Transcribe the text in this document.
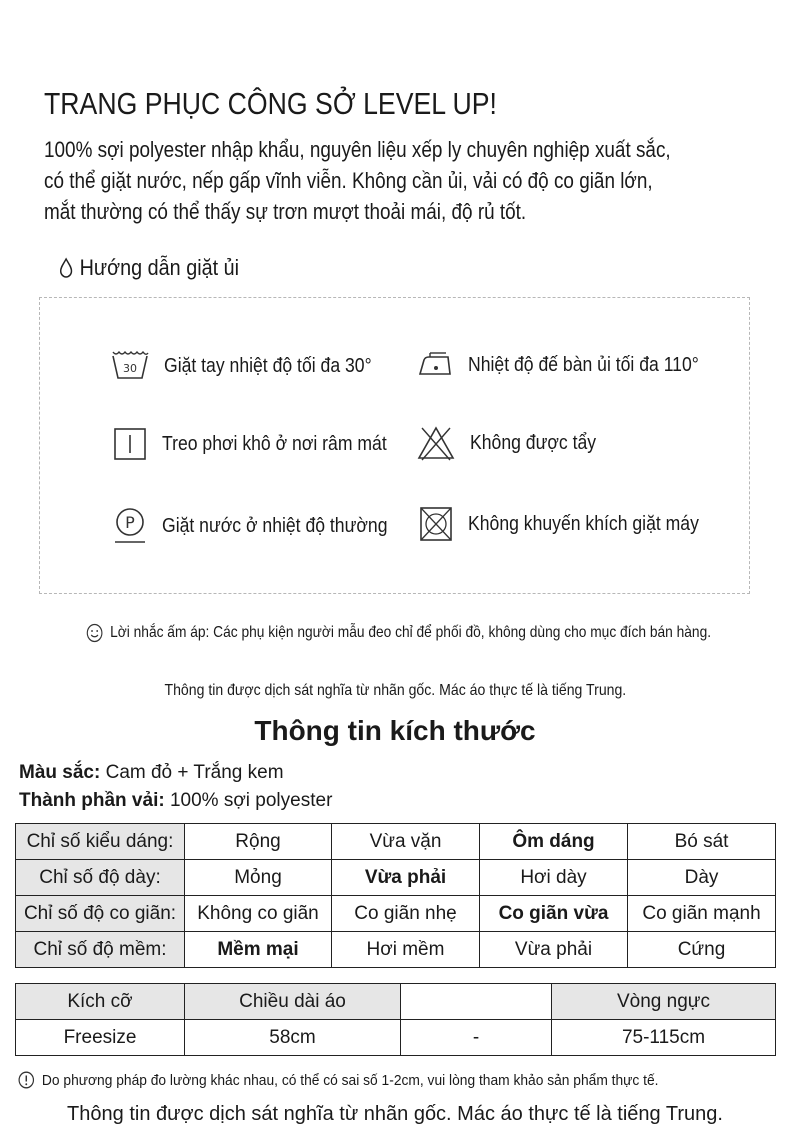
TRANG PHỤC CÔNG SỞ LEVEL UP!
100% sợi polyester nhập khẩu, nguyên liệu xếp ly chuyên nghiệp xuất sắc,
có thể giặt nước, nếp gấp vĩnh viễn. Không cần ủi, vải có độ co giãn lớn,
mắt thường có thể thấy sự trơn mượt thoải mái, độ rủ tốt.
Hướng dẫn giặt ủi
30 Giặt tay nhiệt độ tối đa 30°	Nhiệt độ đế bàn ủi tối đa 110°
Treo phơi khô ở nơi râm mát	Không được tẩy
P Giặt nước ở nhiệt độ thường	Không khuyến khích giặt máy
Lời nhắc ấm áp: Các phụ kiện người mẫu đeo chỉ để phối đồ, không dùng cho mục đích bán hàng.
Thông tin được dịch sát nghĩa từ nhãn gốc. Mác áo thực tế là tiếng Trung.
Thông tin kích thước
Màu sắc: Cam đỏ + Trắng kem
Thành phần vải: 100% sợi polyester
Chỉ số kiểu dáng:	Rộng	Vừa vặn	Ôm dáng	Bó sát
Chỉ số độ dày:	Mỏng	Vừa phải	Hơi dày	Dày
Chỉ số độ co giãn:	Không co giãn	Co giãn nhẹ	Co giãn vừa	Co giãn mạnh
Chỉ số độ mềm:	Mềm mại	Hơi mềm	Vừa phải	Cứng
Kích cỡ	Chiều dài áo		Vòng ngực
Freesize	58cm	-	75-115cm
Do phương pháp đo lường khác nhau, có thể có sai số 1-2cm, vui lòng tham khảo sản phẩm thực tế.
Thông tin được dịch sát nghĩa từ nhãn gốc. Mác áo thực tế là tiếng Trung.
